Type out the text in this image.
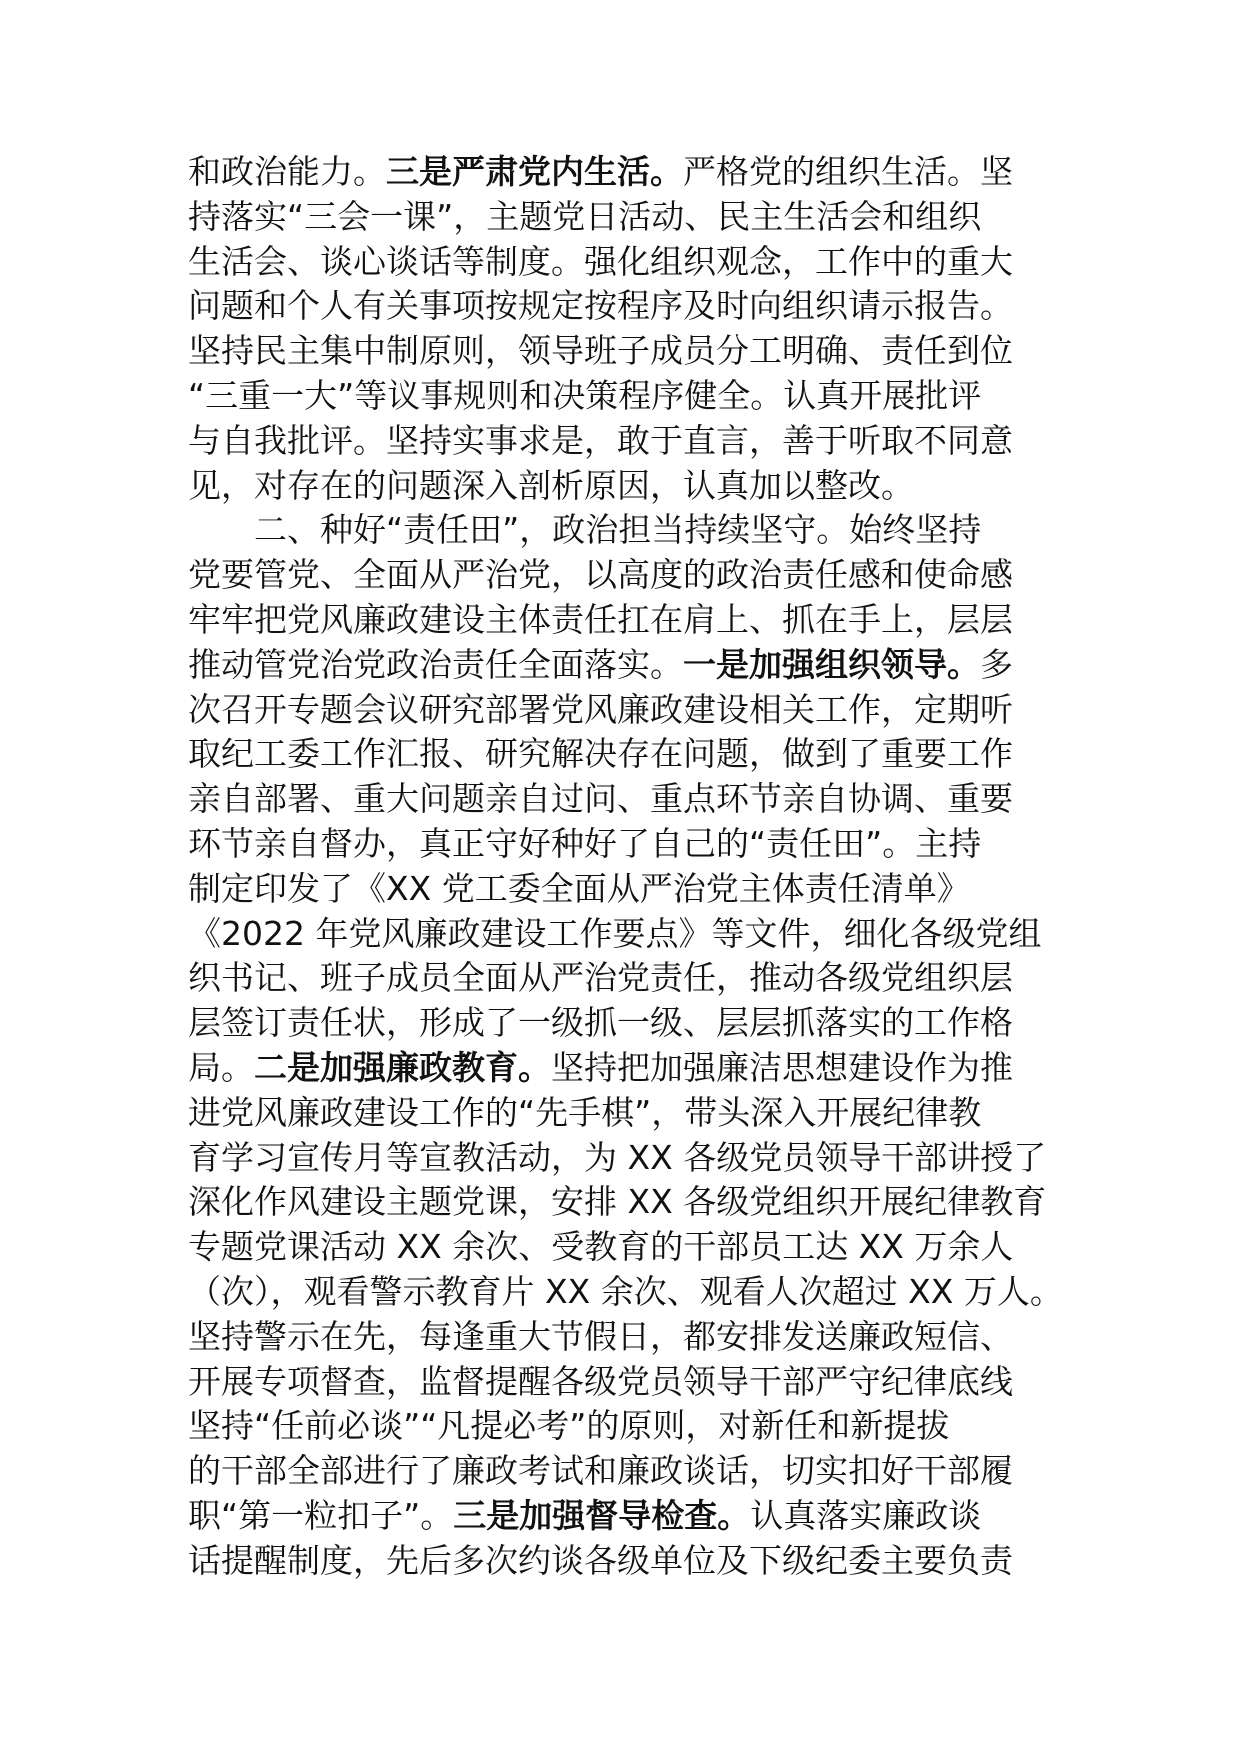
和政治能力。三是严肃党内生活。严格党的组织生活。坚
持落实“三会一课”，主题党日活动、民主生活会和组织
生活会、谈心谈话等制度。强化组织观念，工作中的重大
问题和个人有关事项按规定按程序及时向组织请示报告。
坚持民主集中制原则，领导班子成员分工明确、责任到位
“三重一大”等议事规则和决策程序健全。认真开展批评
与自我批评。坚持实事求是，敢于直言，善于听取不同意
见，对存在的问题深入剖析原因，认真加以整改。
　　二、种好“责任田”，政治担当持续坚守。始终坚持
党要管党、全面从严治党，以高度的政治责任感和使命感
牢牢把党风廉政建设主体责任扛在肩上、抓在手上，层层
推动管党治党政治责任全面落实。一是加强组织领导。多
次召开专题会议研究部署党风廉政建设相关工作，定期听
取纪工委工作汇报、研究解决存在问题，做到了重要工作
亲自部署、重大问题亲自过问、重点环节亲自协调、重要
环节亲自督办，真正守好种好了自己的“责任田”。主持
制定印发了《XX 党工委全面从严治党主体责任清单》
《2022 年党风廉政建设工作要点》等文件，细化各级党组
织书记、班子成员全面从严治党责任，推动各级党组织层
层签订责任状，形成了一级抓一级、层层抓落实的工作格
局。二是加强廉政教育。坚持把加强廉洁思想建设作为推
进党风廉政建设工作的“先手棋”，带头深入开展纪律教
育学习宣传月等宣教活动，为 XX 各级党员领导干部讲授了
深化作风建设主题党课，安排 XX 各级党组织开展纪律教育
专题党课活动 XX 余次、受教育的干部员工达 XX 万余人
（次），观看警示教育片 XX 余次、观看人次超过 XX 万人。
坚持警示在先，每逢重大节假日，都安排发送廉政短信、
开展专项督查，监督提醒各级党员领导干部严守纪律底线
坚持“任前必谈”“凡提必考”的原则，对新任和新提拔
的干部全部进行了廉政考试和廉政谈话，切实扣好干部履
职“第一粒扣子”。三是加强督导检查。认真落实廉政谈
话提醒制度，先后多次约谈各级单位及下级纪委主要负责
